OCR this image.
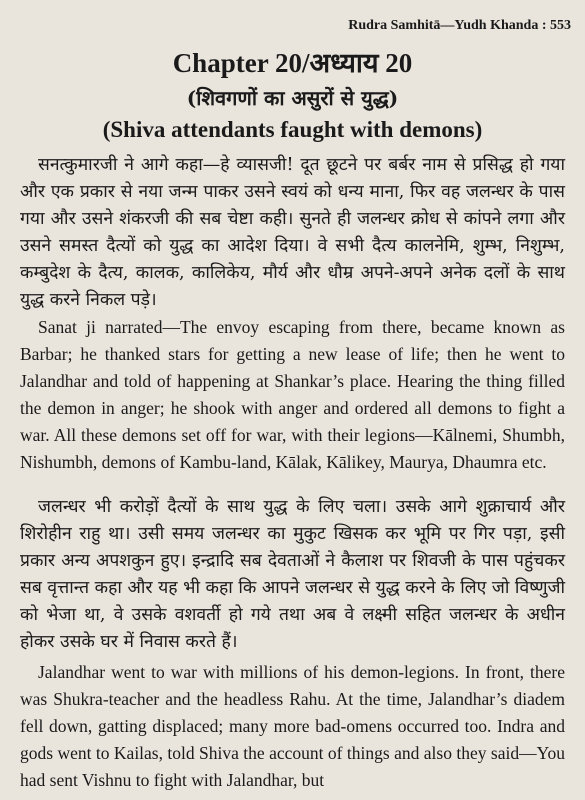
Rudra Samhitā—Yudh Khanda : 553
Chapter 20/अध्याय 20
(शिवगणों का असुरों से युद्ध)
(Shiva attendants faught with demons)

सनत्कुमारजी ने आगे कहा—हे व्यासजी! दूत छूटने पर बर्बर नाम से प्रसिद्ध हो गया और एक प्रकार से नया जन्म पाकर उसने स्वयं को धन्य माना, फिर वह जलन्धर के पास गया और उसने शंकरजी की सब चेष्टा कही। सुनते ही जलन्धर क्रोध से कांपने लगा और उसने समस्त दैत्यों को युद्ध का आदेश दिया। वे सभी दैत्य कालनेमि, शुम्भ, निशुम्भ, कम्बुदेश के दैत्य, कालक, कालिकेय, मौर्य और धौम्र अपने-अपने अनेक दलों के साथ युद्ध करने निकल पड़े।

Sanat ji narrated—The envoy escaping from there, became known as Barbar; he thanked stars for getting a new lease of life; then he went to Jalandhar and told of happening at Shankar’s place. Hearing the thing filled the demon in anger; he shook with anger and ordered all demons to fight a war. All these demons set off for war, with their legions—Kālnemi, Shumbh, Nishumbh, demons of Kambu-land, Kālak, Kālikey, Maurya, Dhaumra etc.

जलन्धर भी करोड़ों दैत्यों के साथ युद्ध के लिए चला। उसके आगे शुक्राचार्य और शिरोहीन राहु था। उसी समय जलन्धर का मुकुट खिसक कर भूमि पर गिर पड़ा, इसी प्रकार अन्य अपशकुन हुए। इन्द्रादि सब देवताओं ने कैलाश पर शिवजी के पास पहुंचकर सब वृत्तान्त कहा और यह भी कहा कि आपने जलन्धर से युद्ध करने के लिए जो विष्णुजी को भेजा था, वे उसके वशवर्ती हो गये तथा अब वे लक्ष्मी सहित जलन्धर के अधीन होकर उसके घर में निवास करते हैं।

Jalandhar went to war with millions of his demon-legions. In front, there was Shukra-teacher and the headless Rahu. At the time, Jalandhar’s diadem fell down, gatting displaced; many more bad-omens occurred too. Indra and gods went to Kailas, told Shiva the account of things and also they said—You had sent Vishnu to fight with Jalandhar, but
